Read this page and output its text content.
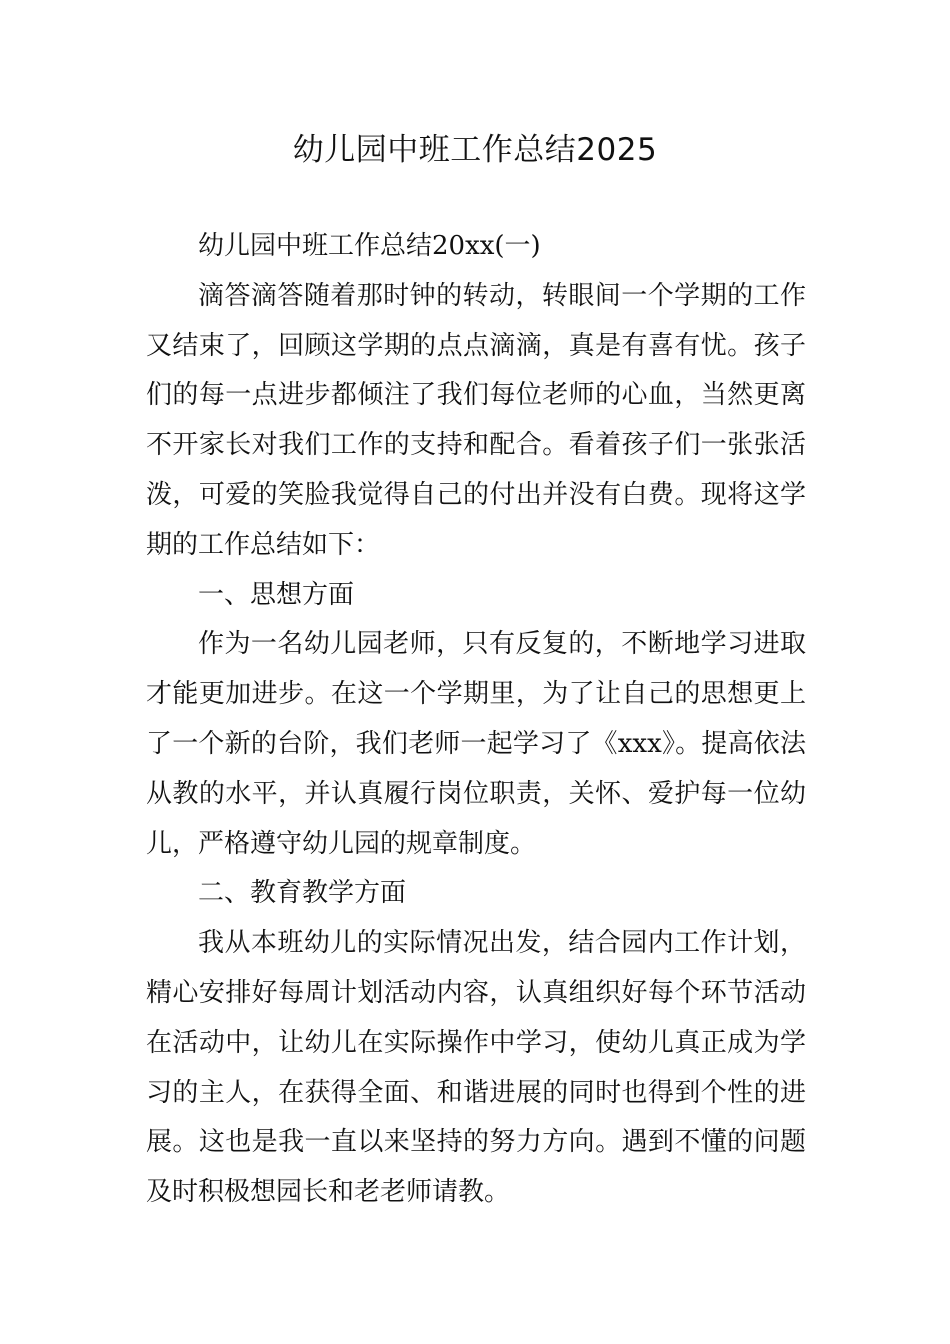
幼儿园中班工作总结2025

幼儿园中班工作总结20xx(一)

滴答滴答随着那时钟的转动，转眼间一个学期的工作又结束了，回顾这学期的点点滴滴，真是有喜有忧。孩子们的每一点进步都倾注了我们每位老师的心血，当然更离不开家长对我们工作的支持和配合。看着孩子们一张张活泼，可爱的笑脸我觉得自己的付出并没有白费。现将这学期的工作总结如下：

一、思想方面

作为一名幼儿园老师，只有反复的，不断地学习进取才能更加进步。在这一个学期里，为了让自己的思想更上了一个新的台阶，我们老师一起学习了《xxx》。提高依法从教的水平，并认真履行岗位职责，关怀、爱护每一位幼儿，严格遵守幼儿园的规章制度。

二、教育教学方面

我从本班幼儿的实际情况出发，结合园内工作计划，精心安排好每周计划活动内容，认真组织好每个环节活动在活动中，让幼儿在实际操作中学习，使幼儿真正成为学习的主人，在获得全面、和谐进展的同时也得到个性的进展。这也是我一直以来坚持的努力方向。遇到不懂的问题及时积极想园长和老老师请教。
